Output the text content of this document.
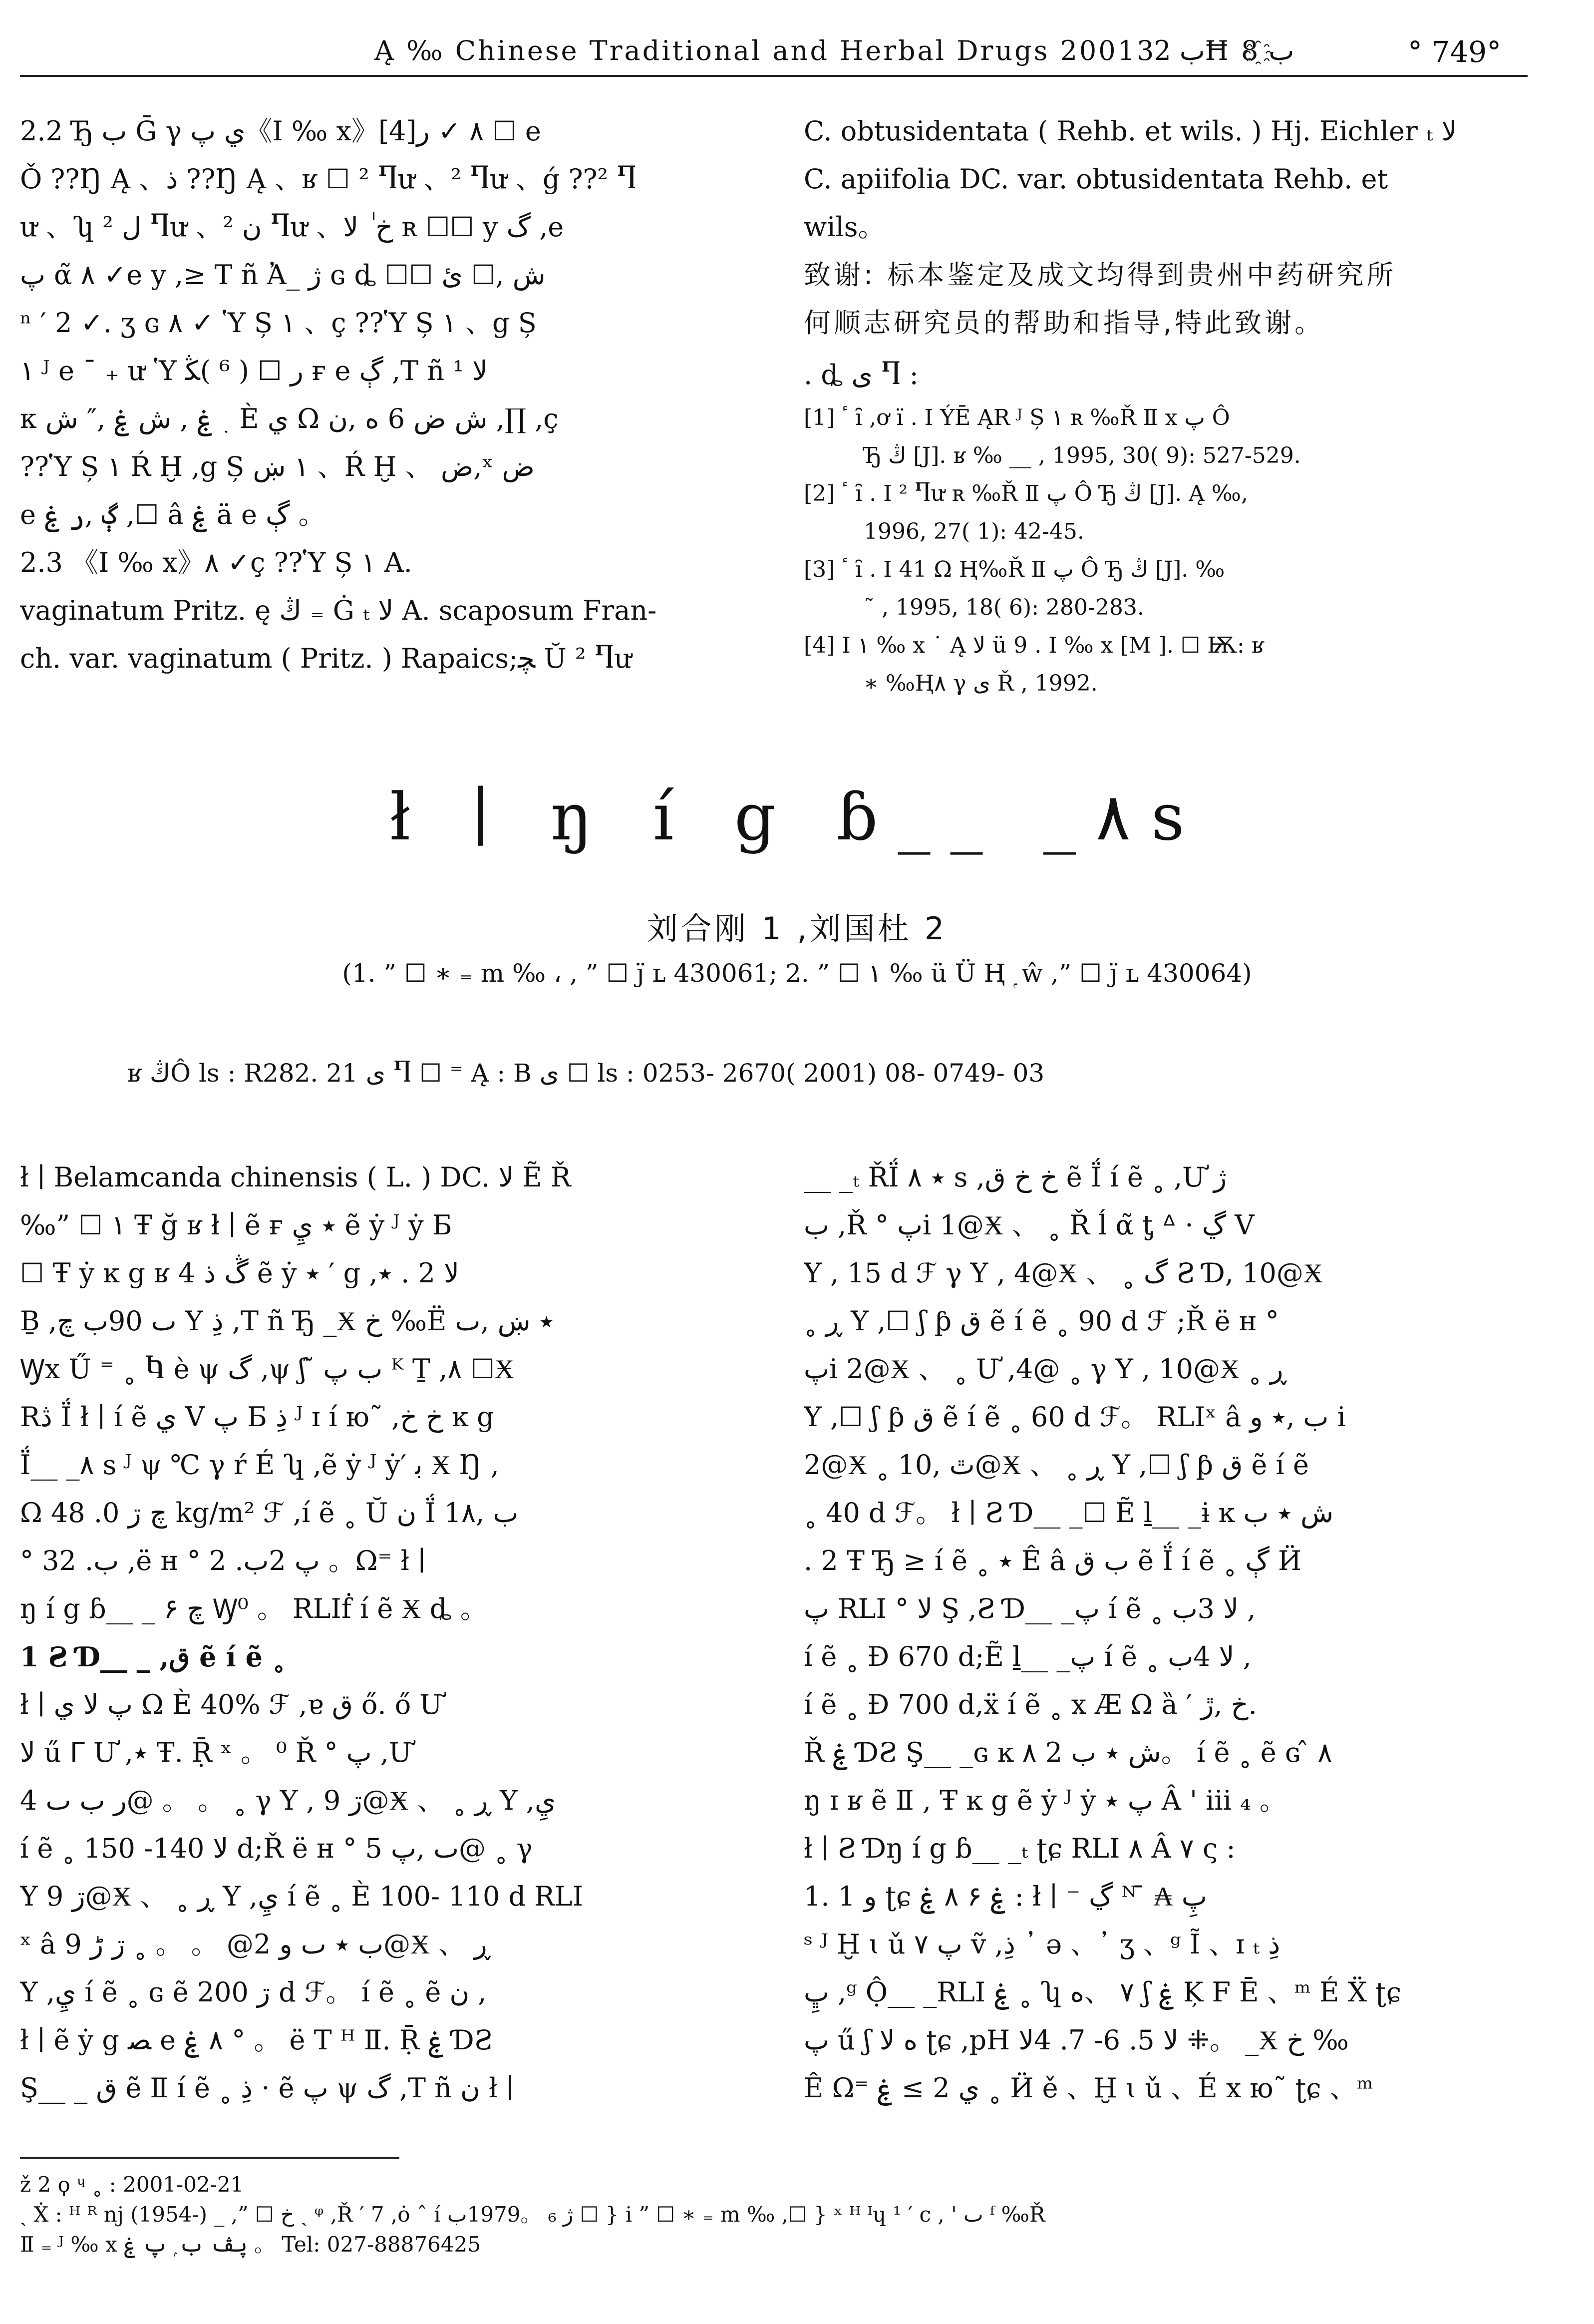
Ą ‰ Chinese Traditional and Herbal Drugs 2001ب 32Ħ ب 8҈	° 749°
2.2 Ђ ب Ḡ γ ي پ《I ‰ x》[4]٨ ✓ ر ☐ e
Ǒ ??Ŋ Ą 、ذ ??Ŋ Ą 、ʁ ☐ ² Ⴄư 、² Ⴄư 、ǵ ??² Ⴄ
ư 、ʮ ل ² Ⴄư 、ن ² Ⴄư 、خ ٰ لا ʀ ☐☐ y گ ,e
پ α̃ ٨ ✓e y ,≥ T ñ Ἀ_ ژ ɢ ȡ ☐☐ ش ,☐ ئ
ⁿ ′ 2 ✓. ʒ ɢ ٨ ✓ Ὑ Ș ١ 、ç ??Ὑ Ș ١ 、g Ș
١ ᴶ e ¯ ₊ ư Ὑ ر ☐ ( ⁶ )ﯖ ғ e ڳ ,T ñ ¹ لا
κ ﮳ ۼ , ش ۼ ,″ ش È ي Ω ش ض 6 ه ,ن ,∏ ,ç
??Ὑ Ș ١ Ŕ Ḫ ,g Ș ١ ښ 、Ŕ Ḫ 、 ض,ˣ ض
e ڳ ,ر ۼ ,☐ â ۼ ä e ڳ 。
2.3 《I ‰ x》٨ ✓ç ??Ὑ Ș ١ A.
vaginatum Pritz. ę ڭ ₌ Ġ ₜ لا A. scaposum Fran-
ch. var. vaginatum ( Pritz. ) Rapaics;ﭽ Ŭ ² Ⴄư
C. obtusidentata ( Rehb. et wils. ) Hj. Eichler ₜ لا
C. apiifolia DC. var. obtusidentata Rehb. et
wils。
致谢: 标本鉴定及成文均得到贵州中药研究所
何顺志研究员的帮助和指导,特此致谢。
. ȡ ی Ⴄ :
[1] ٴ ȋ ,ơ ї . I ÝĒ ĄR ᴶ Ș ١ ʀ ‰Ř Ⅱ x پ Ô
Ђ ڭ [J]. ʁ ‰ __ , 1995, 30( 9): 527-529.
[2] ٴ ȋ . I ² Ⴄư ʀ ‰Ř Ⅱ پ Ô Ђ ڭ [J]. Ą ‰,
1996, 27( 1): 42-45.
[3] ٴ ȋ . I 41 Ω Ⱨ‰Ř Ⅱ پ Ô Ђ ڭ [J]. ‰
˜ , 1995, 18( 6): 280-283.
[4] I ١ ‰ x ˙ Ą لا ü 9 . I ‰ x [M ]. ☐ Ѭ: ʁ
∗ ‰Ⱨ٨ γ ی Ř , 1992.
ł ∣ ŋ í g ɓ__ _٨ s
刘合刚 1 ,刘国杜 2
(1. ” ☐ ∗ ₌ m ‰ ، , ” ☐ ȷ̈ ʟ 430061; 2. ” ☐ ١ ‰ ü Ü Ⱨ ۭ ŵ ,” ☐ ȷ̈ ʟ 430064)
ʁ ڭÔ ls : R282. 21 ی Ⴄ ☐ ⁼ Ą : B ی ☐ ls : 0253- 2670( 2001) 08- 0749- 03
ł ∣ Belamcanda chinensis ( L. ) DC. لا Ẽ Ř
‰” ☐ ١ Ŧ ğ ʁ ł ∣ ẽ ғ ٭ يِ ẽ ẏ ᴶ ẏ Б
☐ Ŧ ẏ ĸ g ʁ 4 ڴ ذ ẽ ẏ ٭ ′ g ,لا 2 . ٭
Ḇ ,ٮ 90ب چ Y ذِ ,T ñ Ђ _Ӿ خ ‰Ë ٭ ښ ,ٮ
Ꝡx Ű ⁼ ˳ Ⴉ è ψ گ ,ψ ʃ ̃ ب پ ᴷ Ṯ ,٨ ☐Ӿ
Rڎ Ḯ ł ∣ í ẽ ي V پ Б ذِ ᴶ ɪ í ю˜ ,خ خ ĸ g
Ḯ__ _٨ s ᴶ ψ ℃ γ ŕ É ʮ ,ẽ ẏ ᴶ ẏ′ ﺑ Ӿ Ŋ ,
Ω چ ڗ 0. 48 kg/m² ℱ ,í ẽ ˳ Ŭ ن Ḯ 1ب ,٨
° 3ب. 2 ,ë ʜ ° پ 2ب. 2 。Ω⁼ ł ∣
ŋ í g ɓ__ _ چ ۶ Ꝡ⁰ 。 RLIḟ í ẽ Ӿ ȡ 。
1 Ƨ Ɗ__ _ ,ق ẽ í ẽ ˳
ł ∣ پ لا ي Ω È 40% ℱ ,ɐ ق ő. ő Ư
ﻻ ű ᒥ Ư ,٭ Ŧ. Ṝ ˣ 。 ⁰ Ř ° پ ,Ư
ر ب ٮ 4@ 。 。 ˳ γ Y , ڗ 9@Ӿ 、 ˳ ڕ Y ,يِ
í ẽ ˳ لا 140- 150 d;Ř ë ʜ ° ٮ ,پ 5@ ˳ γ
Y ڗ 9@Ӿ 、 ˳ ڕ Y ,يِ í ẽ ˳ È 100- 110 d RLI
ˣ â ب ٭ ٮ و 2@ 。 。 ˳ ڗ ڑ 9@Ӿ 、 ڕ
Y ,يِ í ẽ ˳ ɢ ẽ ڗ 200 d ℱ。 í ẽ ˳ ẽ ن ,
ł ∣ ẽ ẏ g ﺼ e ٨ ۼ ° 。 ë T ᴴ Ⅱ. Ṝ ۼ ƊƧ
Ş__ _ ق ẽ Ⅱ í ẽ ˳ ذِ · ẽ پ ψ گ ,T ñ ن ł ∣
__ _ₜ ŘḮ ٭ ٨ s ,خ خ ق ẽ Ḯ í ẽ ˳ ,Ư ژ
ب ,Ř ° پi 1@Ӿ 、 ˳ Ř ĺ α̃ ƫ ᐞ · ڲ V
Y , 15 d ℱ γ Y , 4@Ӿ 、 ˳ گ Ƨ Ɗ, 10@Ӿ
˳ ڕ Y ,☐ ʃ ƥ ق ẽ í ẽ ˳ 90 d ℱ ;Ř ë ʜ °
پi 2@Ӿ 、 ˳ Ư ,4@ ˳ γ Y , 10@Ӿ ˳ ڕ
Y ,☐ ʃ ƥ ق ẽ í ẽ ˳ 60 d ℱ。 RLIˣ â ب ,٭ و i
2@Ӿ ˳ ٿ ,10@Ӿ 、 ˳ ڕ Y ,☐ ʃ ƥ ق ẽ í ẽ
˳ 40 d ℱ。 ł ∣ Ƨ Ɗ__ _☐ Ẽ ḻ__ _ɨ ĸ ش ٭ ب
. 2 Ŧ Ђ ≥ í ẽ ˳ ٭ Ê â ب ق ẽ Ḯ í ẽ ˳ ڳ Ӥ
پ RLI ° لا Ş ,Ƨ Ɗ__ _پ í ẽ ˳ لا 3ب ,
í ẽ ˳ Đ 670 d;Ẽ ḻ__ _پ í ẽ ˳ لا 4ب ,
í ẽ ˳ Đ 700 d,ẍ í ẽ ˳ x Æ Ω ȁ ′ خ ,ڙ.
Ř ۼ ƊƧ Ş__ _ɢ ĸ ش ٭ ب 2 ٨。 í ẽ ˳ ẽ ɢ ̂ ٨
ŋ ɪ ʁ ẽ Ⅱ , Ŧ ĸ g ẽ ẏ ᴶ ẏ پ ٭ Â ' ⅲ ₄ 。
ł ∣ Ƨ Ɗŋ í g ɓ__ _ₜ ʈɕ RLI ٨ Â ٧ ς :
1. 1 و ʈɕ ۼ ۶ ٨ ۼ : ł ∣ ⁻ ڲ ᴺ ̄ ₳ پِ
ˢ ᴶ Ḫ ɩ ǔ پ ٧ ṽ ,ذِ ᾿ ə 、᾿ ʒ 、ᵍ Ĩ 、ɪ ₜ ذِ
ڀِ ,ᵍ Ộ__ _RLI ۼ ˳ ʮ ٧ 、ه ʃ ۼ Ķ F Ē 、ᵐ É Ẍ ʈɕ
پ ű ʃ ه لا ʈɕ ,pH لا 5. 6- 7. 4لا ⁜。 _Ӿ خ ‰
Ê Ω⁼ ي 2 ≥ ۼ ˳ Ӥ ě 、Ḫ ɩ ǔ 、É x ю˜ ʈɕ 、ᵐ
ž 2 ϙ ᶣ ˳ : 2001-02-21
ˏ Ẋ : ᴴ ᴿ nj (1954-) _ ,” ☐ خ ˏ ᵠ ,Ř ′ 7 ,ȯ ˆ í ژ ₆ 。1979ب ☐ } i ” ☐ ∗ ₌ m ‰ ,☐ } ˣ ᴴ ᴵɥ ¹ ′ c , ' ٮ ᶠ ‰Ř
Ⅱ ₌ ᴶ ‰ x پڤ ب ۭ پ ۼ 。 Tel: 027-88876425
